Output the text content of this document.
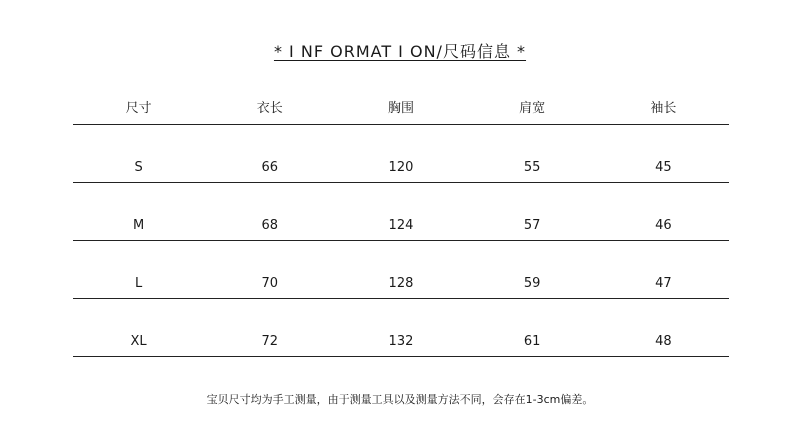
* I NF ORMAT I ON/尺码信息 *
尺寸	衣长	胸围	肩宽	袖长
S	66	120	55	45
M	68	124	57	46
L	70	128	59	47
XL	72	132	61	48
宝贝尺寸均为手工测量，由于测量工具以及测量方法不同，会存在1-3cm偏差。
